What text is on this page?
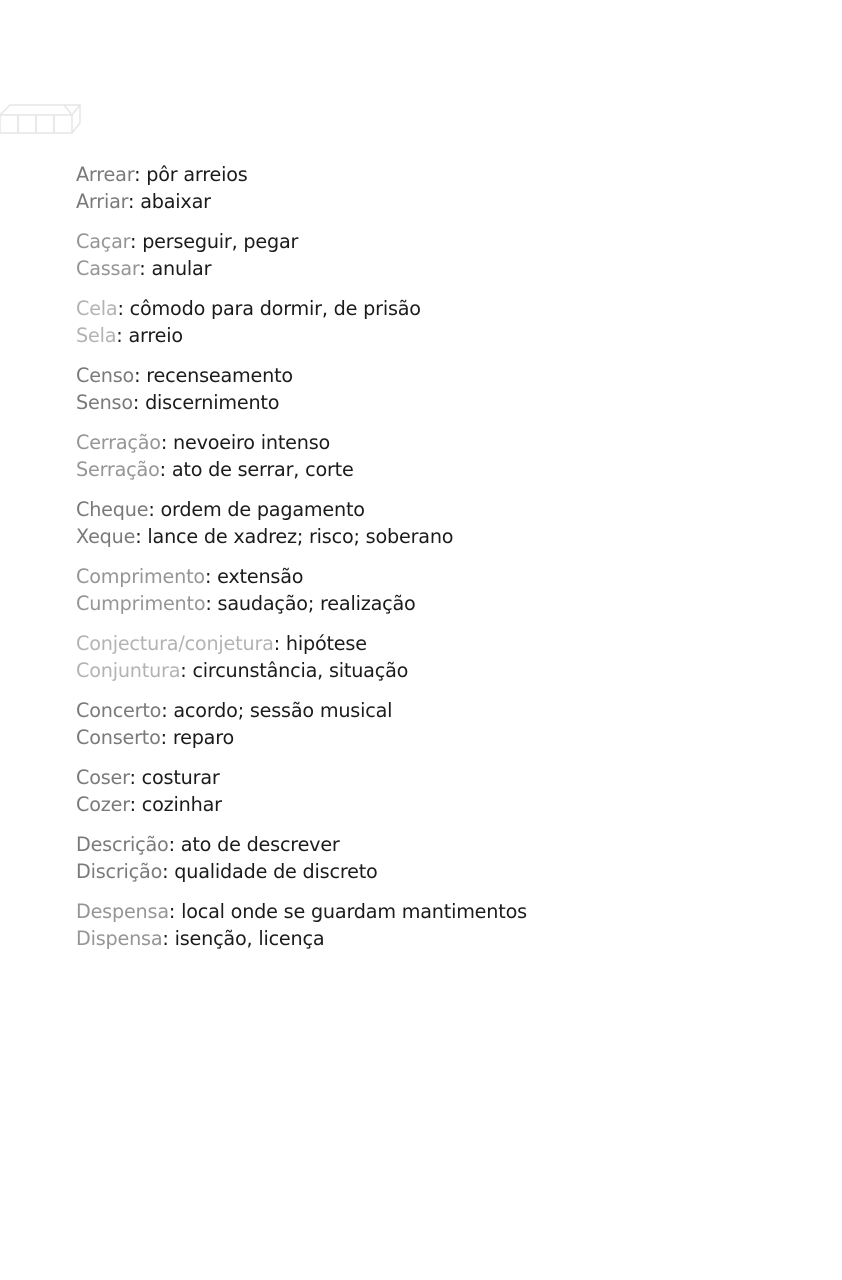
Arrear: pôr arreios
Arriar: abaixar
Caçar: perseguir, pegar
Cassar: anular
Cela: cômodo para dormir, de prisão
Sela: arreio
Censo: recenseamento
Senso: discernimento
Cerração: nevoeiro intenso
Serração: ato de serrar, corte
Cheque: ordem de pagamento
Xeque: lance de xadrez; risco; soberano
Comprimento: extensão
Cumprimento: saudação; realização
Conjectura/conjetura: hipótese
Conjuntura: circunstância, situação
Concerto: acordo; sessão musical
Conserto: reparo
Coser: costurar
Cozer: cozinhar
Descrição: ato de descrever
Discrição: qualidade de discreto
Despensa: local onde se guardam mantimentos
Dispensa: isenção, licença
